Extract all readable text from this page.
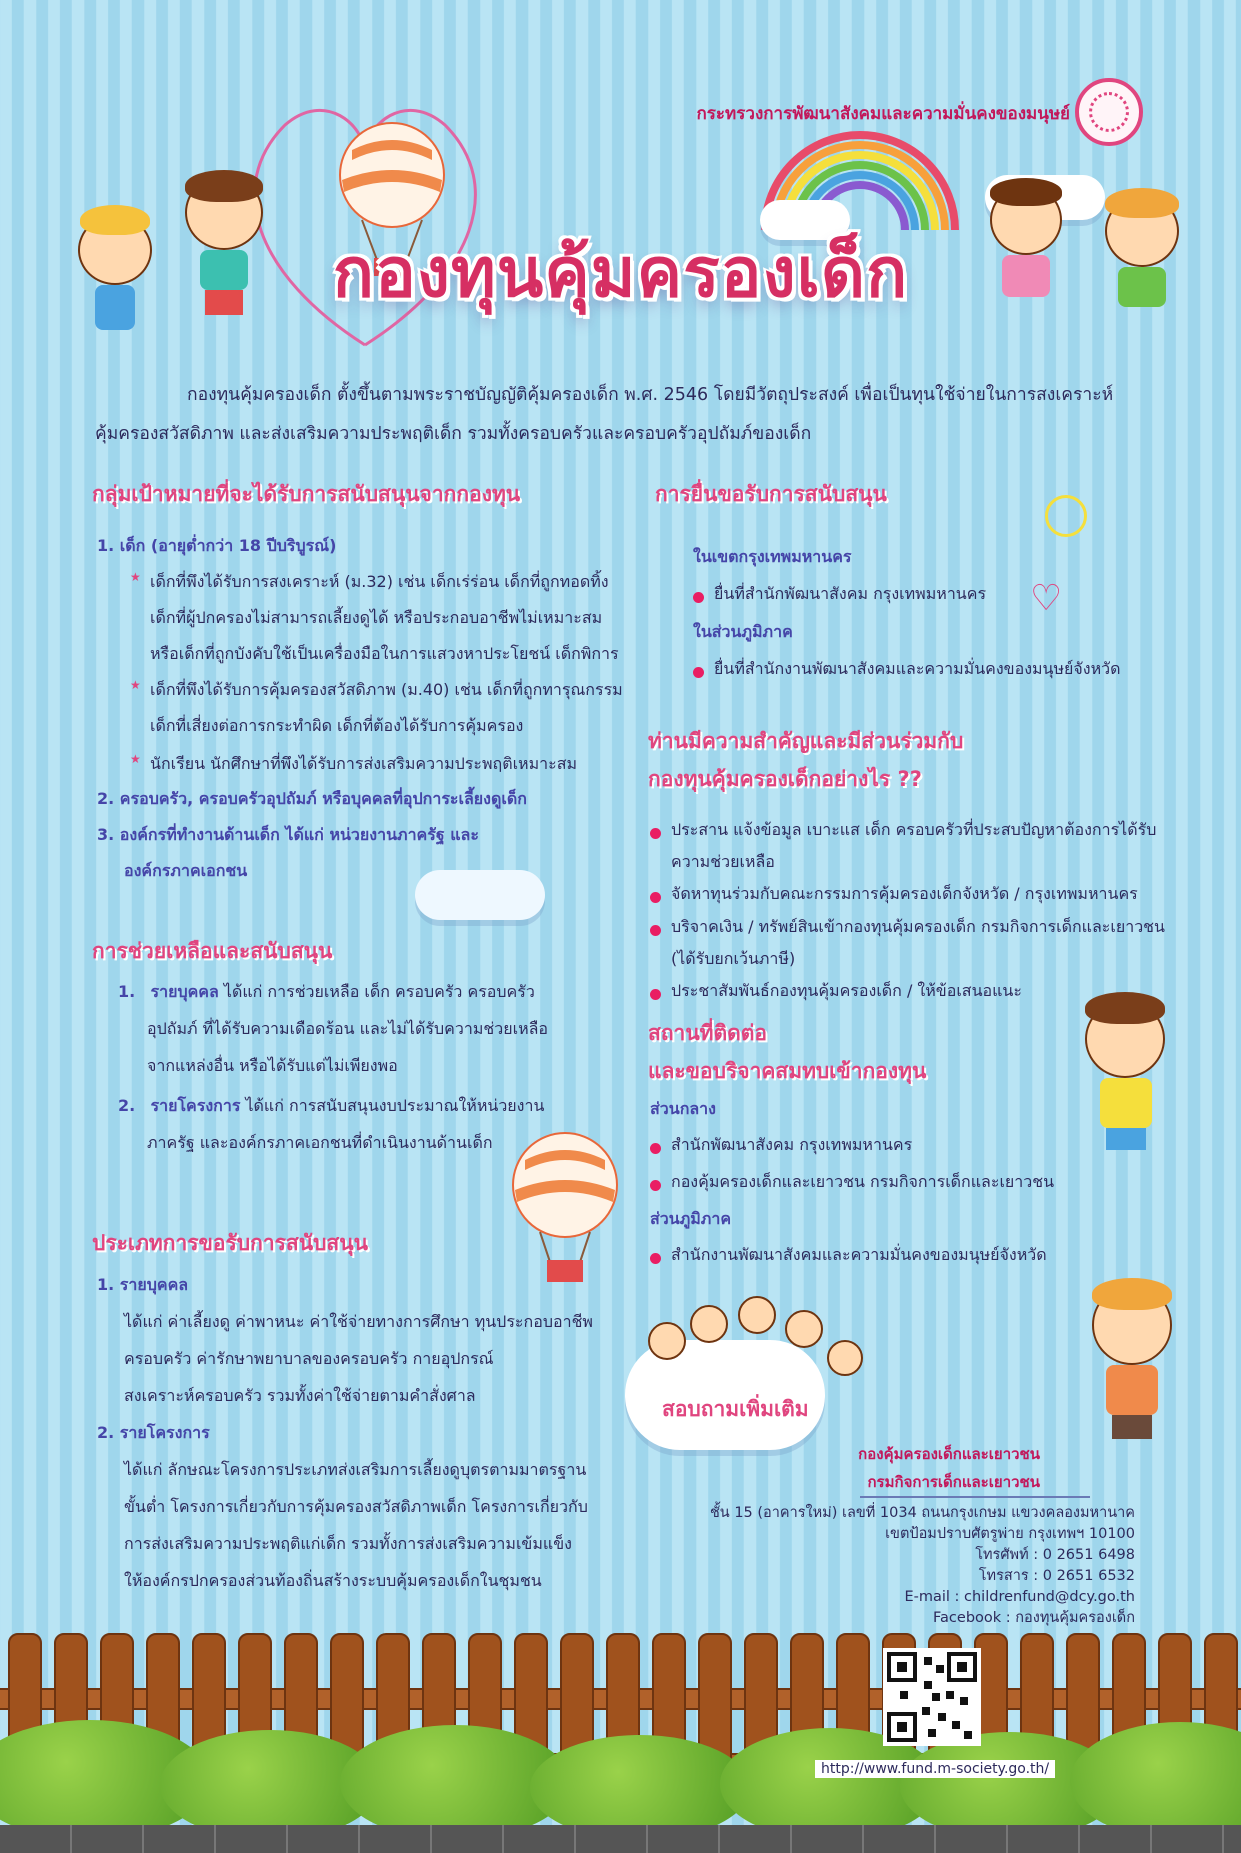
กระทรวงการพัฒนาสังคมและความมั่นคงของมนุษย์
กองทุนคุ้มครองเด็ก
กองทุนคุ้มครองเด็ก ตั้งขึ้นตามพระราชบัญญัติคุ้มครองเด็ก พ.ศ. 2546 โดยมีวัตถุประสงค์ เพื่อเป็นทุนใช้จ่ายในการสงเคราะห์ คุ้มครองสวัสดิภาพ และส่งเสริมความประพฤติเด็ก รวมทั้งครอบครัวและครอบครัวอุปถัมภ์ของเด็ก
กลุ่มเป้าหมายที่จะได้รับการสนับสนุนจากกองทุน
1. เด็ก (อายุต่ำกว่า 18 ปีบริบูรณ์)
★ เด็กที่พึงได้รับการสงเคราะห์ (ม.32) เช่น เด็กเร่ร่อน เด็กที่ถูกทอดทิ้ง
เด็กที่ผู้ปกครองไม่สามารถเลี้ยงดูได้ หรือประกอบอาชีพไม่เหมาะสม
หรือเด็กที่ถูกบังคับใช้เป็นเครื่องมือในการแสวงหาประโยชน์ เด็กพิการ
★ เด็กที่พึงได้รับการคุ้มครองสวัสดิภาพ (ม.40) เช่น เด็กที่ถูกทารุณกรรม
เด็กที่เสี่ยงต่อการกระทำผิด เด็กที่ต้องได้รับการคุ้มครอง
★ นักเรียน นักศึกษาที่พึงได้รับการส่งเสริมความประพฤติเหมาะสม
2. ครอบครัว, ครอบครัวอุปถัมภ์ หรือบุคคลที่อุปการะเลี้ยงดูเด็ก
3. องค์กรที่ทำงานด้านเด็ก ได้แก่ หน่วยงานภาครัฐ และ
องค์กรภาคเอกชน
การช่วยเหลือและสนับสนุน
1. รายบุคคล ได้แก่ การช่วยเหลือ เด็ก ครอบครัว ครอบครัว
อุปถัมภ์ ที่ได้รับความเดือดร้อน และไม่ได้รับความช่วยเหลือ
จากแหล่งอื่น หรือได้รับแต่ไม่เพียงพอ
2. รายโครงการ ได้แก่ การสนับสนุนงบประมาณให้หน่วยงาน
ภาครัฐ และองค์กรภาคเอกชนที่ดำเนินงานด้านเด็ก
ประเภทการขอรับการสนับสนุน
1. รายบุคคล
ได้แก่ ค่าเลี้ยงดู ค่าพาหนะ ค่าใช้จ่ายทางการศึกษา ทุนประกอบอาชีพ
ครอบครัว ค่ารักษาพยาบาลของครอบครัว กายอุปกรณ์
สงเคราะห์ครอบครัว รวมทั้งค่าใช้จ่ายตามคำสั่งศาล
2. รายโครงการ
ได้แก่ ลักษณะโครงการประเภทส่งเสริมการเลี้ยงดูบุตรตามมาตรฐาน
ขั้นต่ำ โครงการเกี่ยวกับการคุ้มครองสวัสดิภาพเด็ก โครงการเกี่ยวกับ
การส่งเสริมความประพฤติแก่เด็ก รวมทั้งการส่งเสริมความเข้มแข็ง
ให้องค์กรปกครองส่วนท้องถิ่นสร้างระบบคุ้มครองเด็กในชุมชน
การยื่นขอรับการสนับสนุน
ในเขตกรุงเทพมหานคร
ยื่นที่สำนักพัฒนาสังคม กรุงเทพมหานคร
ในส่วนภูมิภาค
ยื่นที่สำนักงานพัฒนาสังคมและความมั่นคงของมนุษย์จังหวัด
♡
ท่านมีความสำคัญและมีส่วนร่วมกับ
กองทุนคุ้มครองเด็กอย่างไร ??
ประสาน แจ้งข้อมูล เบาะแส เด็ก ครอบครัวที่ประสบปัญหาต้องการได้รับ
ความช่วยเหลือ
จัดหาทุนร่วมกับคณะกรรมการคุ้มครองเด็กจังหวัด / กรุงเทพมหานคร
บริจาคเงิน / ทรัพย์สินเข้ากองทุนคุ้มครองเด็ก กรมกิจการเด็กและเยาวชน
(ได้รับยกเว้นภาษี)
ประชาสัมพันธ์กองทุนคุ้มครองเด็ก / ให้ข้อเสนอแนะ
สถานที่ติดต่อ
และขอบริจาคสมทบเข้ากองทุน
ส่วนกลาง
สำนักพัฒนาสังคม กรุงเทพมหานคร
กองคุ้มครองเด็กและเยาวชน กรมกิจการเด็กและเยาวชน
ส่วนภูมิภาค
สำนักงานพัฒนาสังคมและความมั่นคงของมนุษย์จังหวัด
สอบถามเพิ่มเติม
กองคุ้มครองเด็กและเยาวชน
กรมกิจการเด็กและเยาวชน
ชั้น 15 (อาคารใหม่) เลขที่ 1034 ถนนกรุงเกษม แขวงคลองมหานาค
เขตป้อมปราบศัตรูพ่าย กรุงเทพฯ 10100
โทรศัพท์ : 0 2651 6498
โทรสาร : 0 2651 6532
E-mail : childrenfund@dcy.go.th
Facebook : กองทุนคุ้มครองเด็ก
http://www.fund.m-society.go.th/
